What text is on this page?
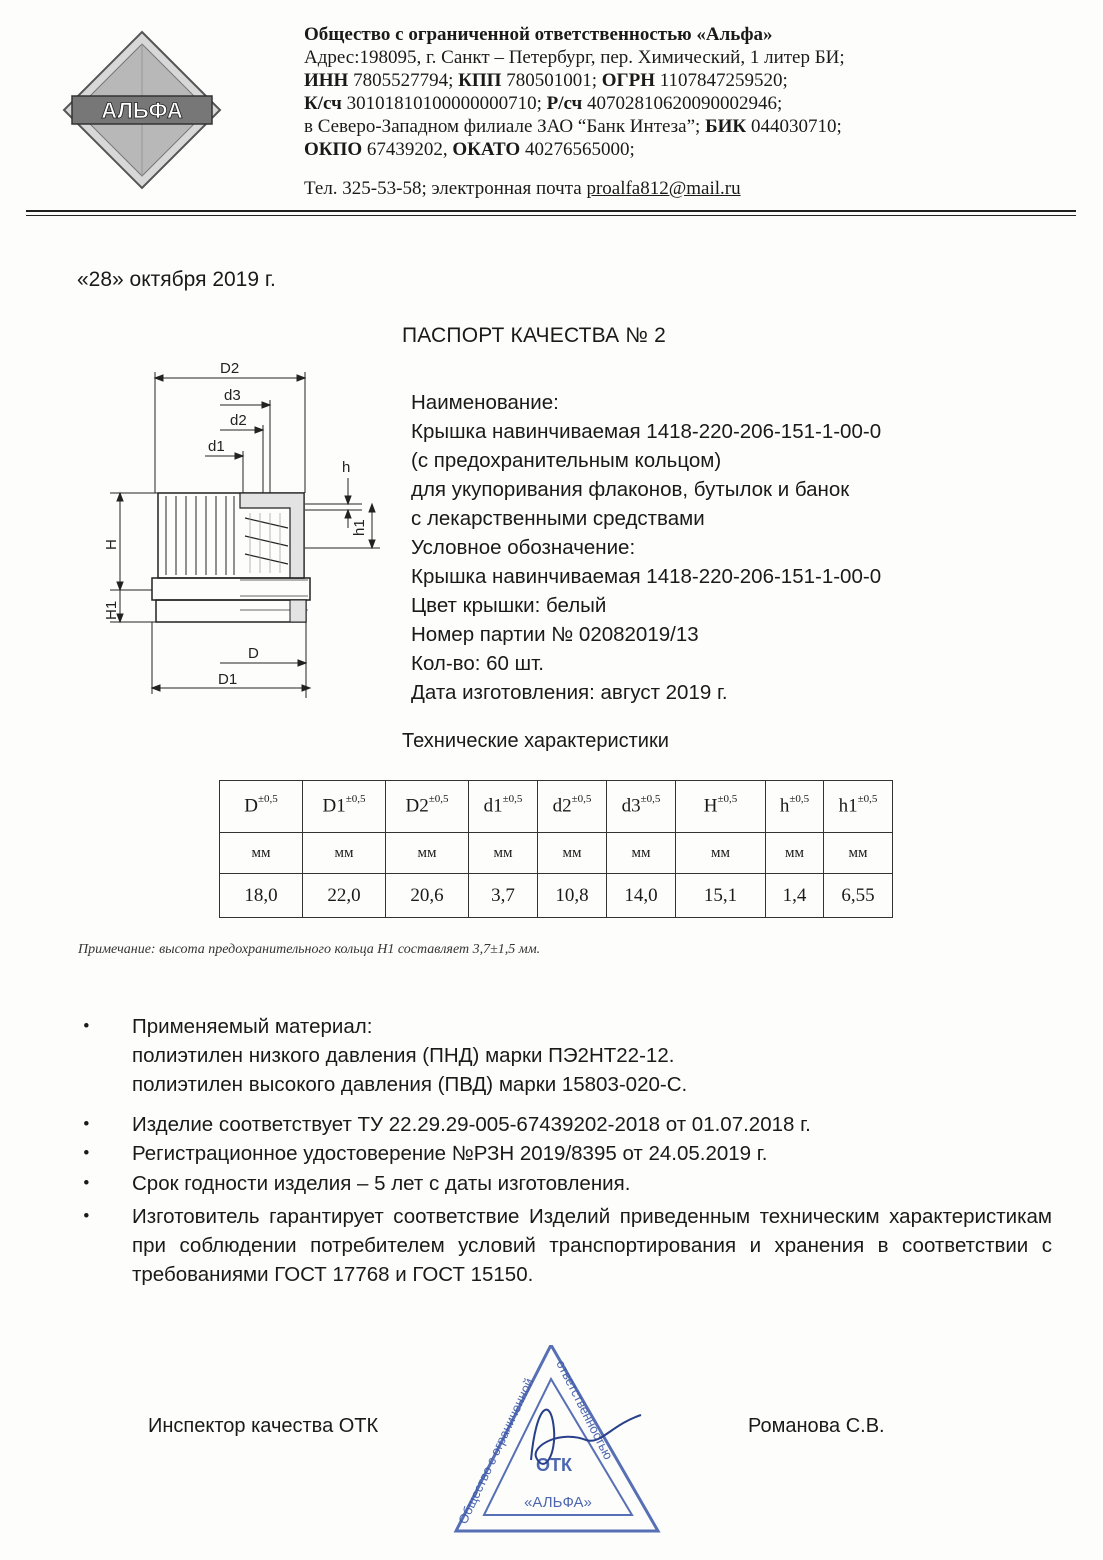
АЛЬФА
Общество с ограниченной ответственностью «Альфа»
Адрес:198095, г. Санкт – Петербург, пер. Химический, 1 литер БИ;
ИНН 7805527794; КПП 780501001; ОГРН 1107847259520;
К/сч 30101810100000000710; Р/сч 40702810620090002946;
в Северо-Западном филиале ЗАО “Банк Интеза”; БИК 044030710;
ОКПО 67439202, ОКАТО 40276565000;
Тел. 325-53-58; электронная почта proalfa812@mail.ru
«28» октября 2019 г.
ПАСПОРТ КАЧЕСТВА № 2
D2
d3
d2
d1
h
h1
H
H1
D
D1
Наименование:
Крышка навинчиваемая 1418-220-206-151-1-00-0
(с предохранительным кольцом)
для укупоривания флаконов, бутылок и банок
с лекарственными средствами
Условное обозначение:
Крышка навинчиваемая 1418-220-206-151-1-00-0
Цвет крышки: белый
Номер партии № 02082019/13
Кол-во: 60 шт.
Дата изготовления: август 2019 г.
Технические характеристики
$D^{\pm 0,5}$	$D1^{\pm 0,5}$	$D2^{\pm 0,5}$	$d1^{\pm 0,5}$	$d2^{\pm 0,5}$	$d3^{\pm 0,5}$	$H^{\pm 0,5}$	$h^{\pm 0,5}$	$h1^{\pm 0,5}$
мм	мм	мм	мм	мм	мм	мм	мм	мм
18,0	22,0	20,6	3,7	10,8	14,0	15,1	1,4	6,55
Примечание: высота предохранительного кольца Н1 составляет 3,7±1,5 мм.
• Применяемый материал:
полиэтилен низкого давления (ПНД) марки ПЭ2НТ22-12.
полиэтилен высокого давления (ПВД) марки 15803-020-С.
• Изделие соответствует ТУ 22.29.29-005-67439202-2018 от 01.07.2018 г.
• Регистрационное удостоверение №РЗН 2019/8395 от 24.05.2019 г.
• Срок годности изделия – 5 лет с даты изготовления.
• Изготовитель гарантирует соответствие Изделий приведенным техническим характеристикам при соблюдении потребителем условий транспортирования и хранения в соответствии с требованиями ГОСТ 17768 и ГОСТ 15150.
Инспектор качества ОТК	Романова С.В.
Общество с ограниченной
ответственностью
ОТК
«АЛЬФА»
